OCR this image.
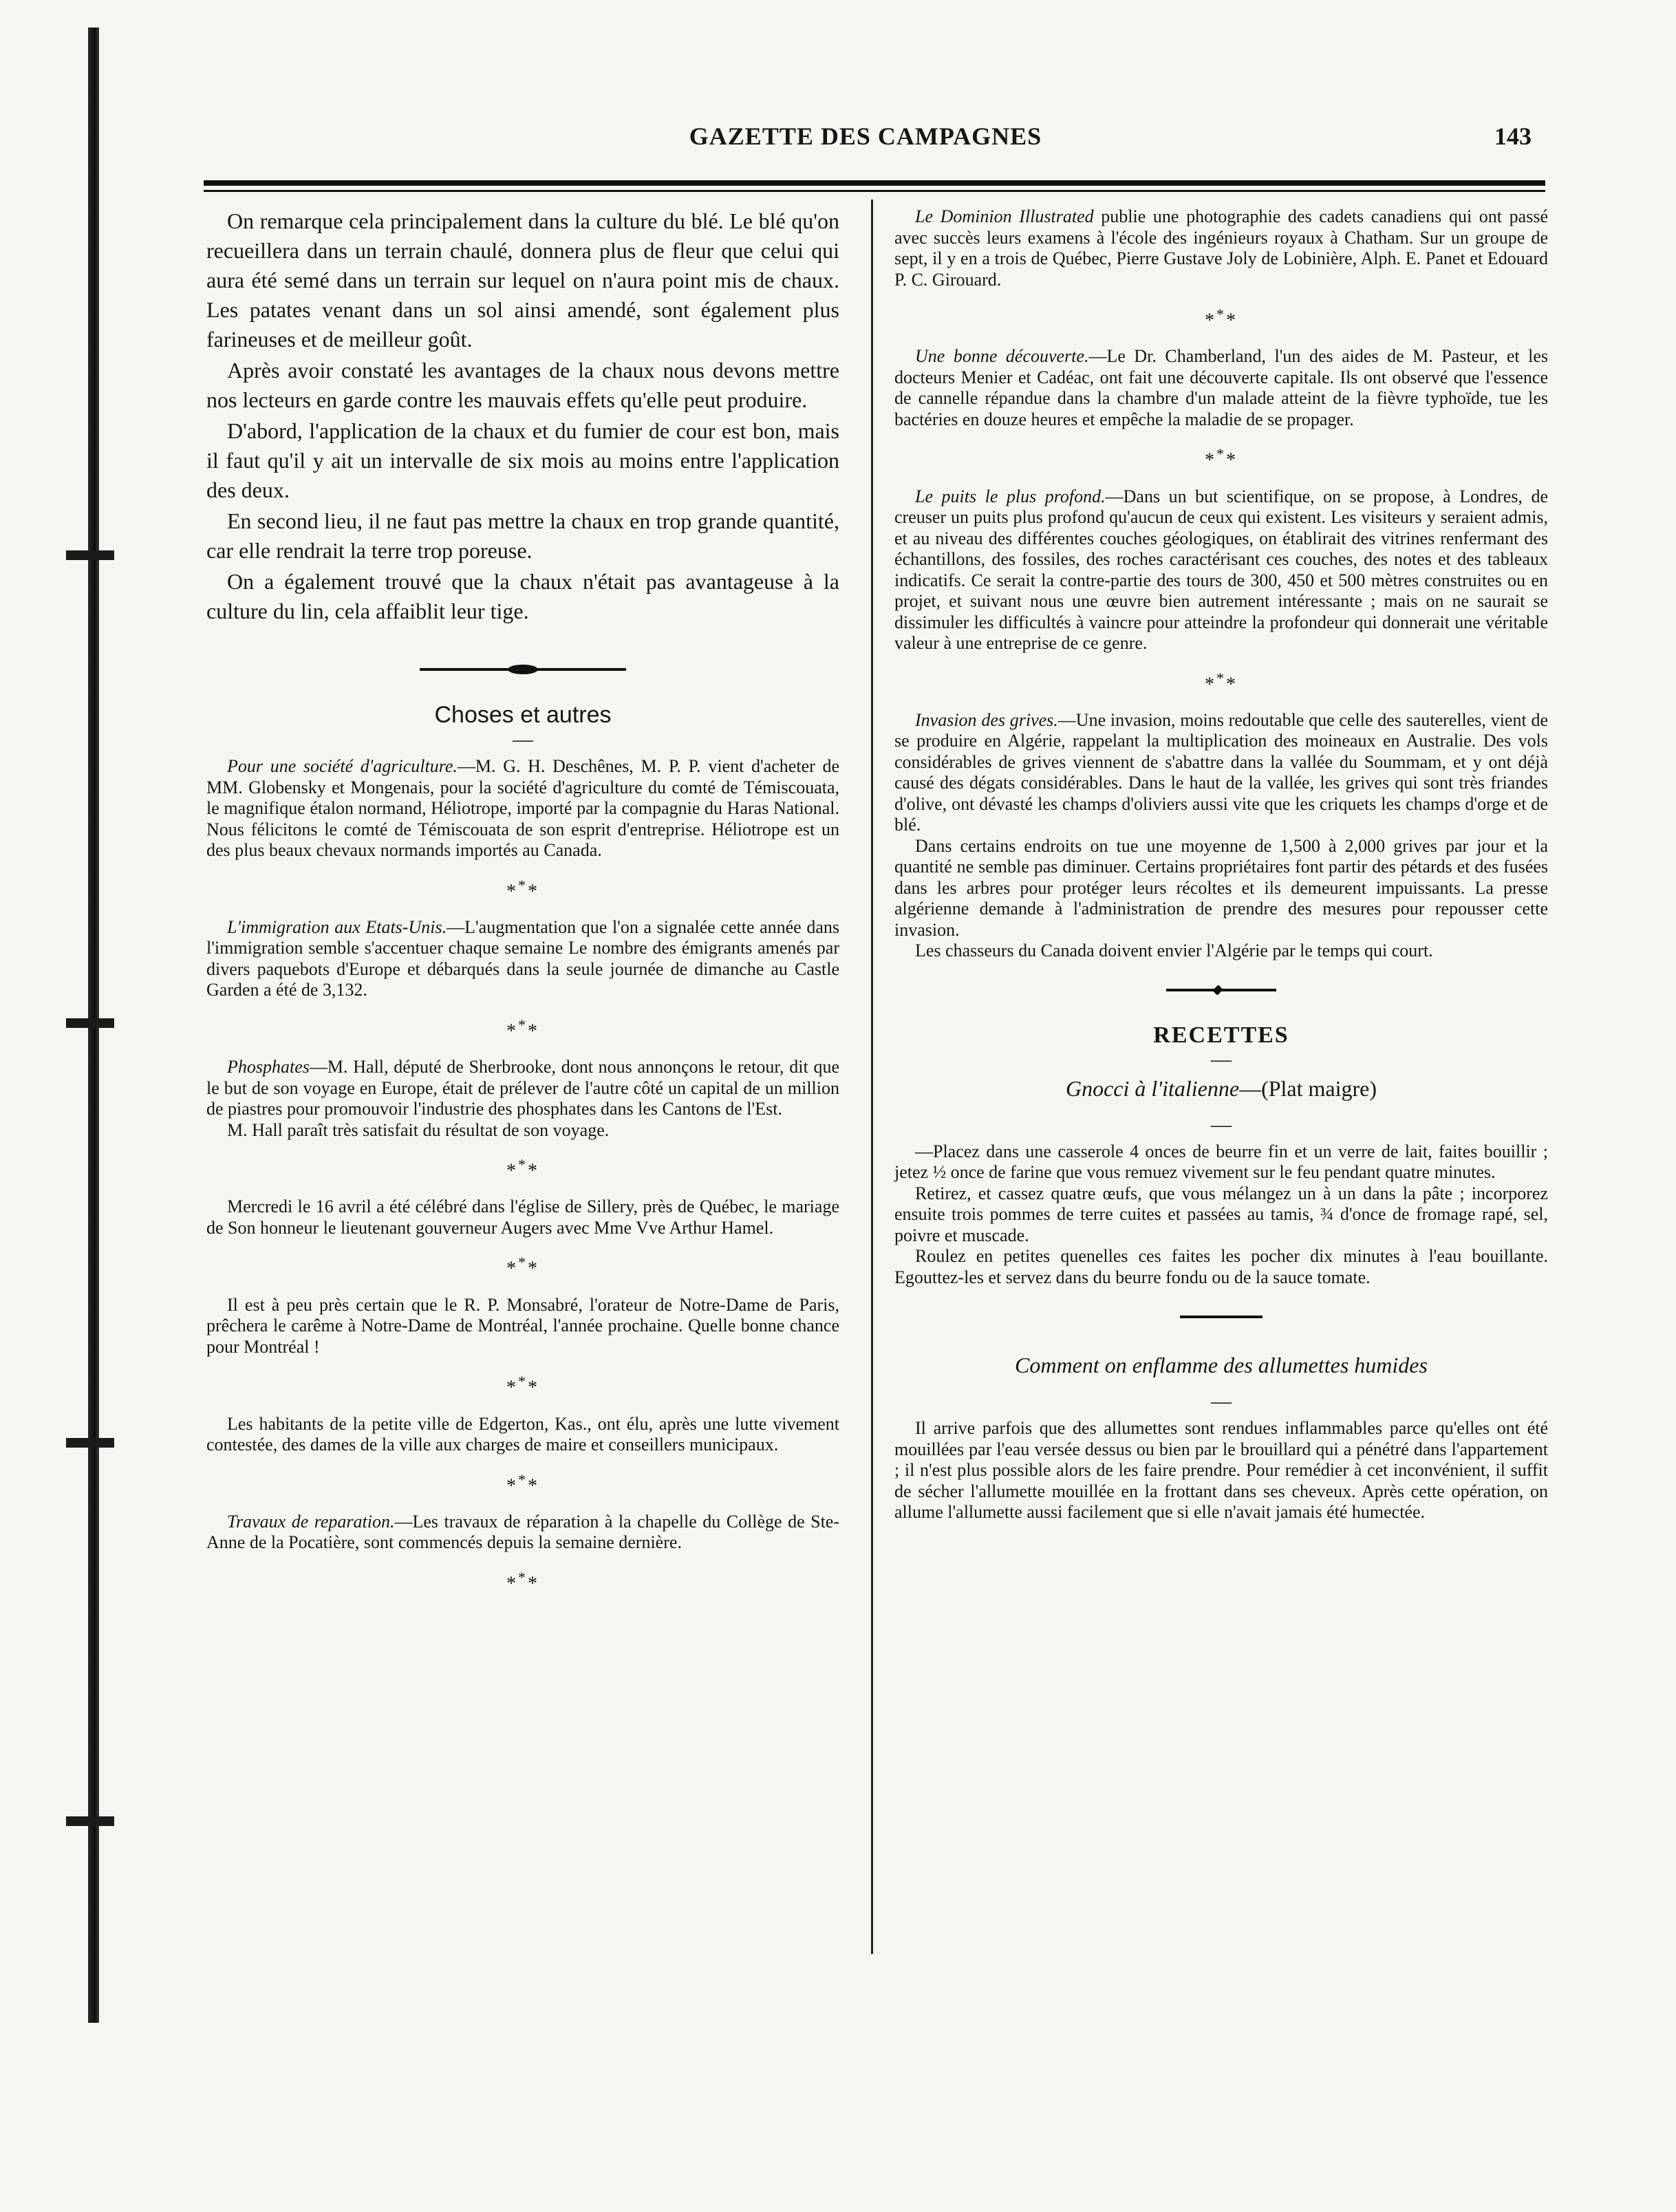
GAZETTE DES CAMPAGNES	143

On remarque cela principalement dans la culture du blé. Le blé qu'on recueillera dans un terrain chaulé, donnera plus de fleur que celui qui aura été semé dans un terrain sur lequel on n'aura point mis de chaux. Les patates venant dans un sol ainsi amendé, sont également plus farineuses et de meilleur goût.

Après avoir constaté les avantages de la chaux nous devons mettre nos lecteurs en garde contre les mauvais effets qu'elle peut produire.

D'abord, l'application de la chaux et du fumier de cour est bon, mais il faut qu'il y ait un intervalle de six mois au moins entre l'application des deux.

En second lieu, il ne faut pas mettre la chaux en trop grande quantité, car elle rendrait la terre trop poreuse.

On a également trouvé que la chaux n'était pas avantageuse à la culture du lin, cela affaiblit leur tige.

Choses et autres
—

Pour une société d'agriculture.—M. G. H. Deschênes, M. P. P. vient d'acheter de MM. Globensky et Mongenais, pour la société d'agriculture du comté de Témiscouata, le magnifique étalon normand, Héliotrope, importé par la compagnie du Haras National. Nous félicitons le comté de Témiscouata de son esprit d'entreprise. Héliotrope est un des plus beaux chevaux normands importés au Canada.

***

L'immigration aux Etats-Unis.—L'augmentation que l'on a signalée cette année dans l'immigration semble s'accentuer chaque semaine Le nombre des émigrants amenés par divers paquebots d'Europe et débarqués dans la seule journée de dimanche au Castle Garden a été de 3,132.

***

Phosphates—M. Hall, député de Sherbrooke, dont nous annonçons le retour, dit que le but de son voyage en Europe, était de prélever de l'autre côté un capital de un million de piastres pour promouvoir l'industrie des phosphates dans les Cantons de l'Est.

M. Hall paraît très satisfait du résultat de son voyage.

***

Mercredi le 16 avril a été célébré dans l'église de Sillery, près de Québec, le mariage de Son honneur le lieutenant gouverneur Augers avec Mme Vve Arthur Hamel.

***

Il est à peu près certain que le R. P. Monsabré, l'orateur de Notre-Dame de Paris, prêchera le carême à Notre-Dame de Montréal, l'année prochaine. Quelle bonne chance pour Montréal !

***

Les habitants de la petite ville de Edgerton, Kas., ont élu, après une lutte vivement contestée, des dames de la ville aux charges de maire et conseillers municipaux.

***

Travaux de reparation.—Les travaux de réparation à la chapelle du Collège de Ste-Anne de la Pocatière, sont commencés depuis la semaine dernière.

***

Le Dominion Illustrated publie une photographie des cadets canadiens qui ont passé avec succès leurs examens à l'école des ingénieurs royaux à Chatham. Sur un groupe de sept, il y en a trois de Québec, Pierre Gustave Joly de Lobinière, Alph. E. Panet et Edouard P. C. Girouard.

***

Une bonne découverte.—Le Dr. Chamberland, l'un des aides de M. Pasteur, et les docteurs Menier et Cadéac, ont fait une découverte capitale. Ils ont observé que l'essence de cannelle répandue dans la chambre d'un malade atteint de la fièvre typhoïde, tue les bactéries en douze heures et empêche la maladie de se propager.

***

Le puits le plus profond.—Dans un but scientifique, on se propose, à Londres, de creuser un puits plus profond qu'aucun de ceux qui existent. Les visiteurs y seraient admis, et au niveau des différentes couches géologiques, on établirait des vitrines renfermant des échantillons, des fossiles, des roches caractérisant ces couches, des notes et des tableaux indicatifs. Ce serait la contre-partie des tours de 300, 450 et 500 mètres construites ou en projet, et suivant nous une œuvre bien autrement intéressante ; mais on ne saurait se dissimuler les difficultés à vaincre pour atteindre la profondeur qui donnerait une véritable valeur à une entreprise de ce genre.

***

Invasion des grives.—Une invasion, moins redoutable que celle des sauterelles, vient de se produire en Algérie, rappelant la multiplication des moineaux en Australie. Des vols considérables de grives viennent de s'abattre dans la vallée du Soummam, et y ont déjà causé des dégats considérables. Dans le haut de la vallée, les grives qui sont très friandes d'olive, ont dévasté les champs d'oliviers aussi vite que les criquets les champs d'orge et de blé.

Dans certains endroits on tue une moyenne de 1,500 à 2,000 grives par jour et la quantité ne semble pas diminuer. Certains propriétaires font partir des pétards et des fusées dans les arbres pour protéger leurs récoltes et ils demeurent impuissants. La presse algérienne demande à l'administration de prendre des mesures pour repousser cette invasion.

Les chasseurs du Canada doivent envier l'Algérie par le temps qui court.

RECETTES
—
Gnocci à l'italienne—(Plat maigre)
—

—Placez dans une casserole 4 onces de beurre fin et un verre de lait, faites bouillir ; jetez ½ once de farine que vous remuez vivement sur le feu pendant quatre minutes.

Retirez, et cassez quatre œufs, que vous mélangez un à un dans la pâte ; incorporez ensuite trois pommes de terre cuites et passées au tamis, ¾ d'once de fromage rapé, sel, poivre et muscade.

Roulez en petites quenelles ces faites les pocher dix minutes à l'eau bouillante. Egouttez-les et servez dans du beurre fondu ou de la sauce tomate.

Comment on enflamme des allumettes humides
—

Il arrive parfois que des allumettes sont rendues inflammables parce qu'elles ont été mouillées par l'eau versée dessus ou bien par le brouillard qui a pénétré dans l'appartement ; il n'est plus possible alors de les faire prendre. Pour remédier à cet inconvénient, il suffit de sécher l'allumette mouillée en la frottant dans ses cheveux. Après cette opération, on allume l'allumette aussi facilement que si elle n'avait jamais été humectée.
